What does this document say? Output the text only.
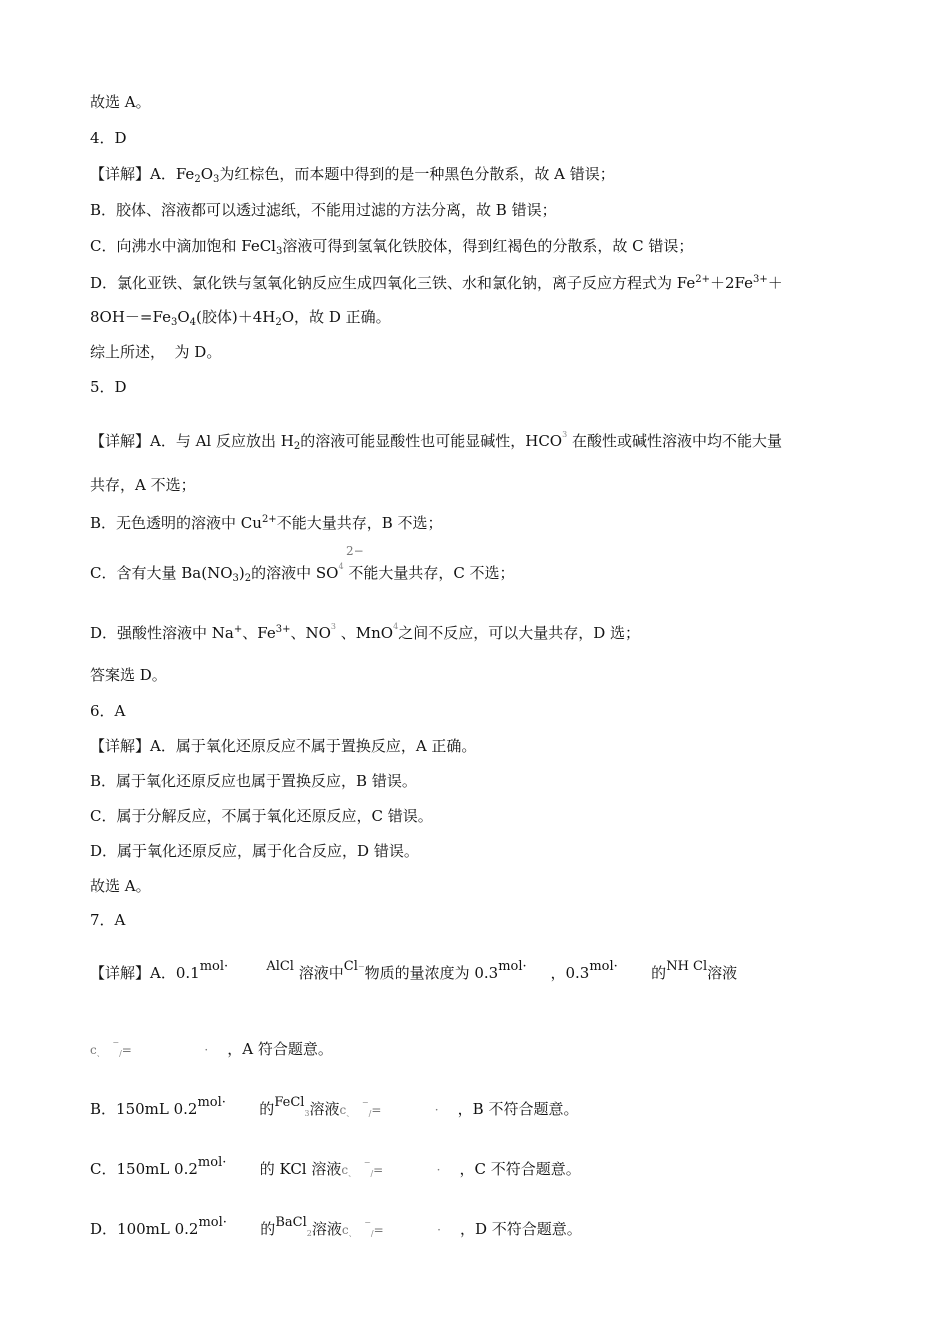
故选 A。
4．D
【详解】A．$Fe_2O_3$为红棕色，而本题中得到的是一种黑色分散系，故 A 错误；
B．胶体、溶液都可以透过滤纸，不能用过滤的方法分离，故 B 错误；
C．向沸水中滴加饱和 FeCl$_3$溶液可得到氢氧化铁胶体，得到红褐色的分散系，故 C 错误；
D．氯化亚铁、氯化铁与氢氧化钠反应生成四氧化三铁、水和氯化钠，离子反应方程式为 $Fe^{2+}+2Fe^{3+}+$
$8OH-=Fe_3O_4$(胶体)$+4H_2O$，故 D 正确。
综上所述，  为 D。
5．D
【详解】A．与 Al 反应放出 $H_2$的溶液可能显酸性也可能显碱性，HCO$^3$ 在酸性或碱性溶液中均不能大量
共存，A 不选；
B．无色透明的溶液中 $Cu^{2+}$不能大量共存，B 不选；
2−
C．含有大量 $Ba(NO_3)_2$的溶液中 $SO^4$ 不能大量共存，C 不选；
D．强酸性溶液中 Na+、$Fe^{3+}$、$NO^3$ 、MnO$^4$之间不反应，可以大量共存，D 选；
答案选 D。
6．A
【详解】A．属于氧化还原反应不属于置换反应，A 正确。
B．属于氧化还原反应也属于置换反应，B 错误。
C．属于分解反应，不属于氧化还原反应，C 错误。
D．属于氧化还原反应，属于化合反应，D 错误。
故选 A。
7．A
【详解】A．0.1mol·	AlCl 溶液中Cl−物质的量浓度为 0.3mol·     ，0.3mol·       的NH Cl溶液
c、  −/=                   ·    ，A 符合题意。
B．150mL 0.2mol·       的FeCl3溶液c、  −/=              ·    ，B 不符合题意。
C．150mL 0.2mol·       的 KCl 溶液c、  −/=              ·    ，C 不符合题意。
D．100mL 0.2mol·       的BaCl2溶液c、  −/=              ·    ，D 不符合题意。
